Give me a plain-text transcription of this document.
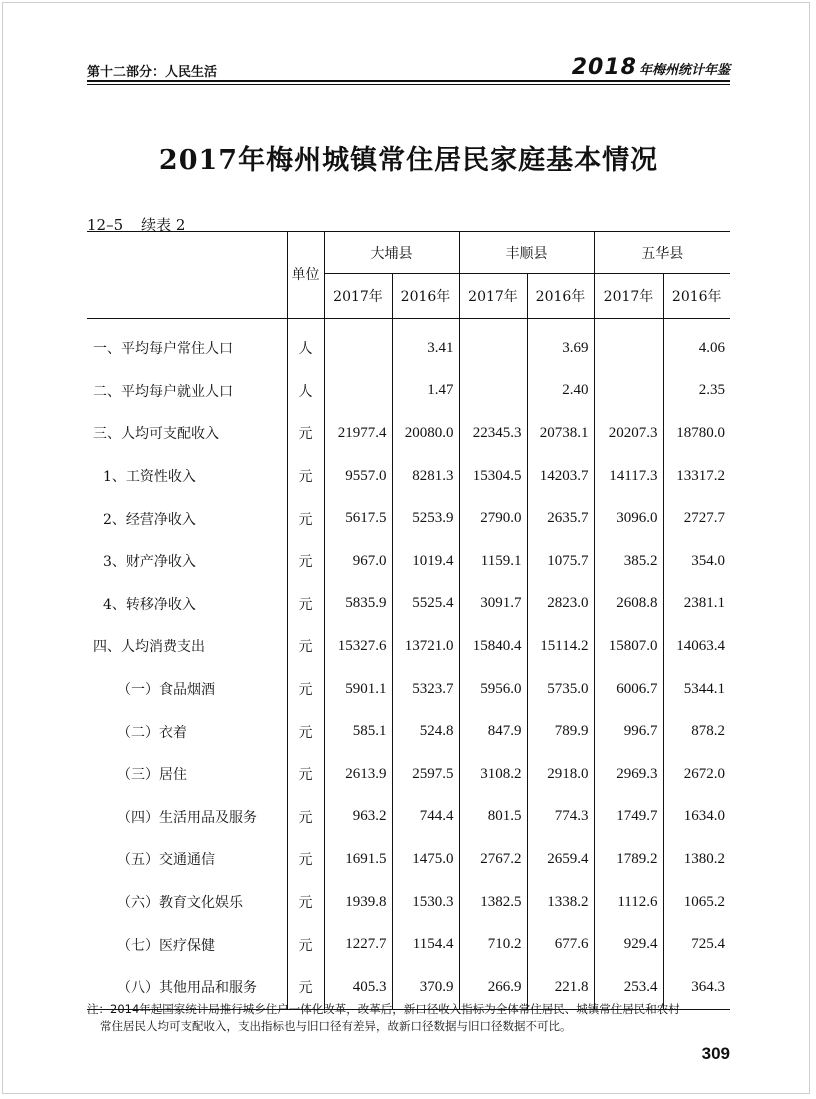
第十二部分：人民生活	2018 年梅州统计年鉴
2017年梅州城镇常住居民家庭基本情况
12–5 续表 2
	单位	大埔县		丰顺县		五华县	
		2017年	2016年	2017年	2016年	2017年	2016年
一、平均每户常住人口	人		3.41		3.69		4.06
二、平均每户就业人口	人		1.47		2.40		2.35
三、人均可支配收入	元	21977.4	20080.0	22345.3	20738.1	20207.3	18780.0
1、工资性收入	元	9557.0	8281.3	15304.5	14203.7	14117.3	13317.2
2、经营净收入	元	5617.5	5253.9	2790.0	2635.7	3096.0	2727.7
3、财产净收入	元	967.0	1019.4	1159.1	1075.7	385.2	354.0
4、转移净收入	元	5835.9	5525.4	3091.7	2823.0	2608.8	2381.1
四、人均消费支出	元	15327.6	13721.0	15840.4	15114.2	15807.0	14063.4
（一）食品烟酒	元	5901.1	5323.7	5956.0	5735.0	6006.7	5344.1
（二）衣着	元	585.1	524.8	847.9	789.9	996.7	878.2
（三）居住	元	2613.9	2597.5	3108.2	2918.0	2969.3	2672.0
（四）生活用品及服务	元	963.2	744.4	801.5	774.3	1749.7	1634.0
（五）交通通信	元	1691.5	1475.0	2767.2	2659.4	1789.2	1380.2
（六）教育文化娱乐	元	1939.8	1530.3	1382.5	1338.2	1112.6	1065.2
（七）医疗保健	元	1227.7	1154.4	710.2	677.6	929.4	725.4
（八）其他用品和服务	元	405.3	370.9	266.9	221.8	253.4	364.3
注：2014年起国家统计局推行城乡住户一体化改革，改革后，新口径收入指标为全体常住居民、城镇常住居民和农村
常住居民人均可支配收入，支出指标也与旧口径有差异，故新口径数据与旧口径数据不可比。
309
